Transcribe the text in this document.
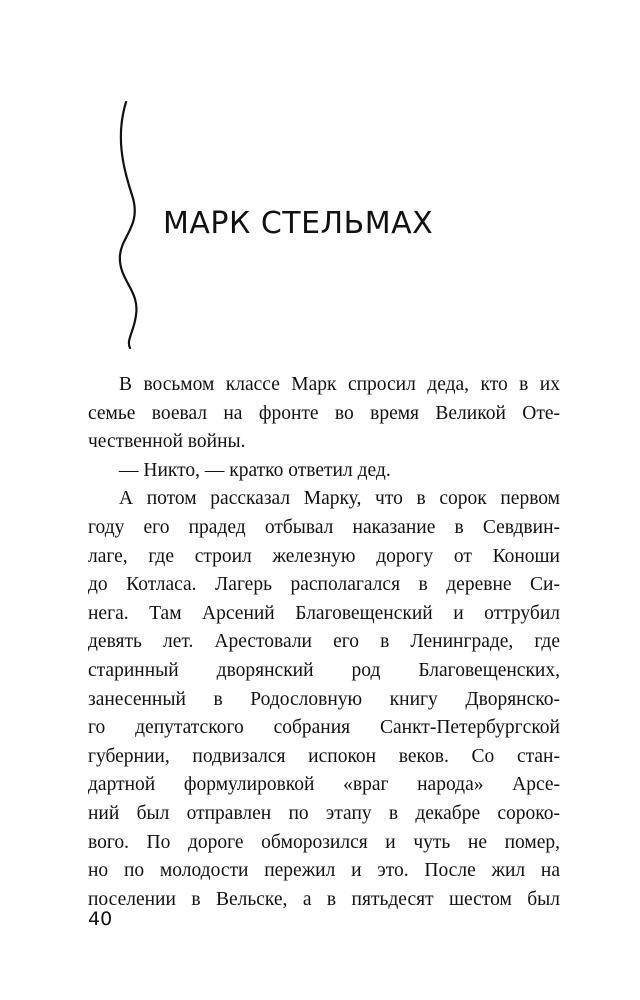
МАРК СТЕЛЬМАХ
В восьмом классе Марк спросил деда, кто в их
семье воевал на фронте во время Великой Оте-
чественной войны.
— Никто, — кратко ответил дед.
А потом рассказал Марку, что в сорок первом
году его прадед отбывал наказание в Севдвин-
лаге, где строил железную дорогу от Коноши
до Котласа. Лагерь располагался в деревне Си-
нега. Там Арсений Благовещенский и оттрубил
девять лет. Арестовали его в Ленинграде, где
старинный дворянский род Благовещенских,
занесенный в Родословную книгу Дворянско-
го депутатского собрания Санкт-Петербургской
губернии, подвизался испокон веков. Со стан-
дартной формулировкой «враг народа» Арсе-
ний был отправлен по этапу в декабре сороко-
вого. По дороге обморозился и чуть не помер,
но по молодости пережил и это. После жил на
поселении в Вельске, а в пятьдесят шестом был

40
